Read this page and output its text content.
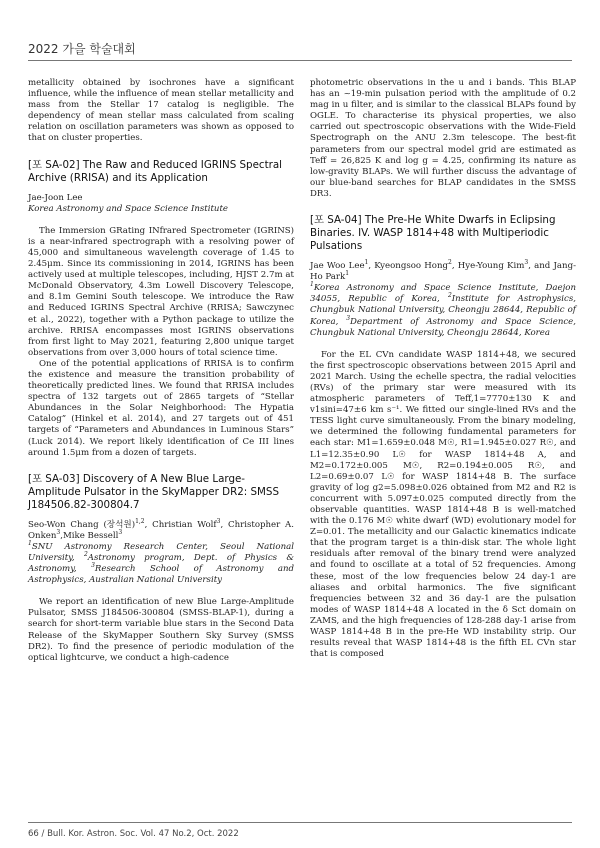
2022 가을 학술대회

metallicity obtained by isochrones have a significant influence, while the influence of mean stellar metallicity and mass from the Stellar 17 catalog is negligible. The dependency of mean stellar mass calculated from scaling relation on oscillation parameters was shown as opposed to that on cluster properties.

[포 SA-02] The Raw and Reduced IGRINS Spectral Archive (RRISA) and its Application

Jae-Joon Lee

Korea Astronomy and Space Science Institute

The Immersion GRating INfrared Spectrometer (IGRINS) is a near-infrared spectrograph with a resolving power of 45,000 and simultaneous wavelength coverage of 1.45 to 2.45μm. Since its commissioning in 2014, IGRINS has been actively used at multiple telescopes, including, HJST 2.7m at McDonald Observatory, 4.3m Lowell Discovery Telescope, and 8.1m Gemini South telescope. We introduce the Raw and Reduced IGRINS Spectral Archive (RRISA; Sawczynec et al., 2022), together with a Python package to utilize the archive. RRISA encompasses most IGRINS observations from first light to May 2021, featuring 2,800 unique target observations from over 3,000 hours of total science time.

One of the potential applications of RRISA is to confirm the existence and measure the transition probability of theoretically predicted lines. We found that RRISA includes spectra of 132 targets out of 2865 targets of “Stellar Abundances in the Solar Neighborhood: The Hypatia Catalog” (Hinkel et al. 2014), and 27 targets out of 451 targets of “Parameters and Abundances in Luminous Stars” (Luck 2014). We report likely identification of Ce III lines around 1.5μm from a dozen of targets.

[포 SA-03] Discovery of A New Blue Large-Amplitude Pulsator in the SkyMapper DR2: SMSS J184506.82-300804.7

Seo-Won Chang (장석원)$^{1,2}$, Christian Wolf$^3$, Christopher A. Onken$^3$,Mike Bessell$^3$

$^1$SNU Astronomy Research Center, Seoul National University, $^2$Astronomy program, Dept. of Physics & Astronomy, $^3$Research School of Astronomy and Astrophysics, Australian National University

We report an identification of new Blue Large-Amplitude Pulsator, SMSS J184506-300804 (SMSS-BLAP-1), during a search for short-term variable blue stars in the Second Data Release of the SkyMapper Southern Sky Survey (SMSS DR2). To find the presence of periodic modulation of the optical lightcurve, we conduct a high-cadence

photometric observations in the u and i bands. This BLAP has an ~19-min pulsation period with the amplitude of 0.2 mag in u filter, and is similar to the classical BLAPs found by OGLE. To characterise its physical properties, we also carried out spectroscopic observations with the Wide-Field Spectrograph on the ANU 2.3m telescope. The best-fit parameters from our spectral model grid are estimated as Teff = 26,825 K and log g = 4.25, confirming its nature as low-gravity BLAPs. We will further discuss the advantage of our blue-band searches for BLAP candidates in the SMSS DR3.

[포 SA-04] The Pre-He White Dwarfs in Eclipsing Binaries. IV. WASP 1814+48 with Multiperiodic Pulsations

Jae Woo Lee$^1$, Kyeongsoo Hong$^2$, Hye-Young Kim$^3$, and Jang-Ho Park$^1$

$^1$Korea Astronomy and Space Science Institute, Daejon 34055, Republic of Korea, $^2$Institute for Astrophysics, Chungbuk National University, Cheongju 28644, Republic of Korea, $^3$Department of Astronomy and Space Science, Chungbuk National University, Cheongju 28644, Korea

For the EL CVn candidate WASP 1814+48, we secured the first spectroscopic observations between 2015 April and 2021 March. Using the echelle spectra, the radial velocities (RVs) of the primary star were measured with its atmospheric parameters of Teff,1=7770±130 K and v1sini=47±6 km s⁻¹. We fitted our single-lined RVs and the TESS light curve simultaneously. From the binary modeling, we determined the following fundamental parameters for each star: M1=1.659±0.048 M☉, R1=1.945±0.027 R☉, and L1=12.35±0.90 L☉ for WASP 1814+48 A, and M2=0.172±0.005 M☉, R2=0.194±0.005 R☉, and L2=0.69±0.07 L☉ for WASP 1814+48 B. The surface gravity of log g2=5.098±0.026 obtained from M2 and R2 is concurrent with 5.097±0.025 computed directly from the observable quantities. WASP 1814+48 B is well-matched with the 0.176 M☉ white dwarf (WD) evolutionary model for Z=0.01. The metallicity and our Galactic kinematics indicate that the program target is a thin-disk star. The whole light residuals after removal of the binary trend were analyzed and found to oscillate at a total of 52 frequencies. Among these, most of the low frequencies below 24 day-1 are aliases and orbital harmonics. The five significant frequencies between 32 and 36 day-1 are the pulsation modes of WASP 1814+48 A located in the δ Sct domain on ZAMS, and the high frequencies of 128-288 day-1 arise from WASP 1814+48 B in the pre-He WD instability strip. Our results reveal that WASP 1814+48 is the fifth EL CVn star that is composed

66 / Bull. Kor. Astron. Soc. Vol. 47 No.2, Oct. 2022
